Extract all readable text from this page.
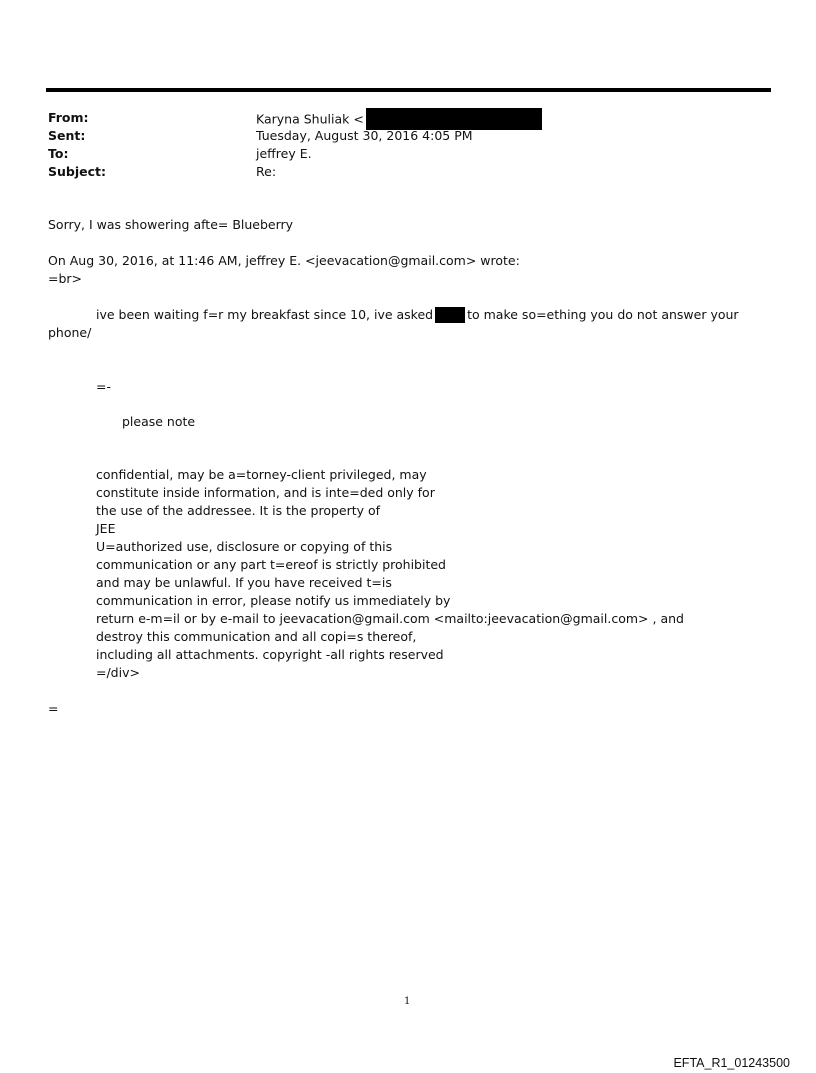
From:	Karyna Shuliak <
Sent:	Tuesday, August 30, 2016 4:05 PM
To:	jeffrey E.
Subject:	Re:
Sorry, I was showering afte= Blueberry
On Aug 30, 2016, at 11:46 AM, jeffrey E. <jeevacation@gmail.com> wrote:
=br>
ive been waiting f=r my breakfast since 10, ive asked	to make so=ething you do not answer your
phone/
=-
please note
confidential, may be a=torney-client privileged, may
constitute inside information, and is inte=ded only for
the use of the addressee. It is the property of
JEE
U=authorized use, disclosure or copying of this
communication or any part t=ereof is strictly prohibited
and may be unlawful. If you have received t=is
communication in error, please notify us immediately by
return e-m=il or by e-mail to jeevacation@gmail.com <mailto:jeevacation@gmail.com> , and
destroy this communication and all copi=s thereof,
including all attachments. copyright -all rights reserved
=/div>
=
1
EFTA_R1_01243500
